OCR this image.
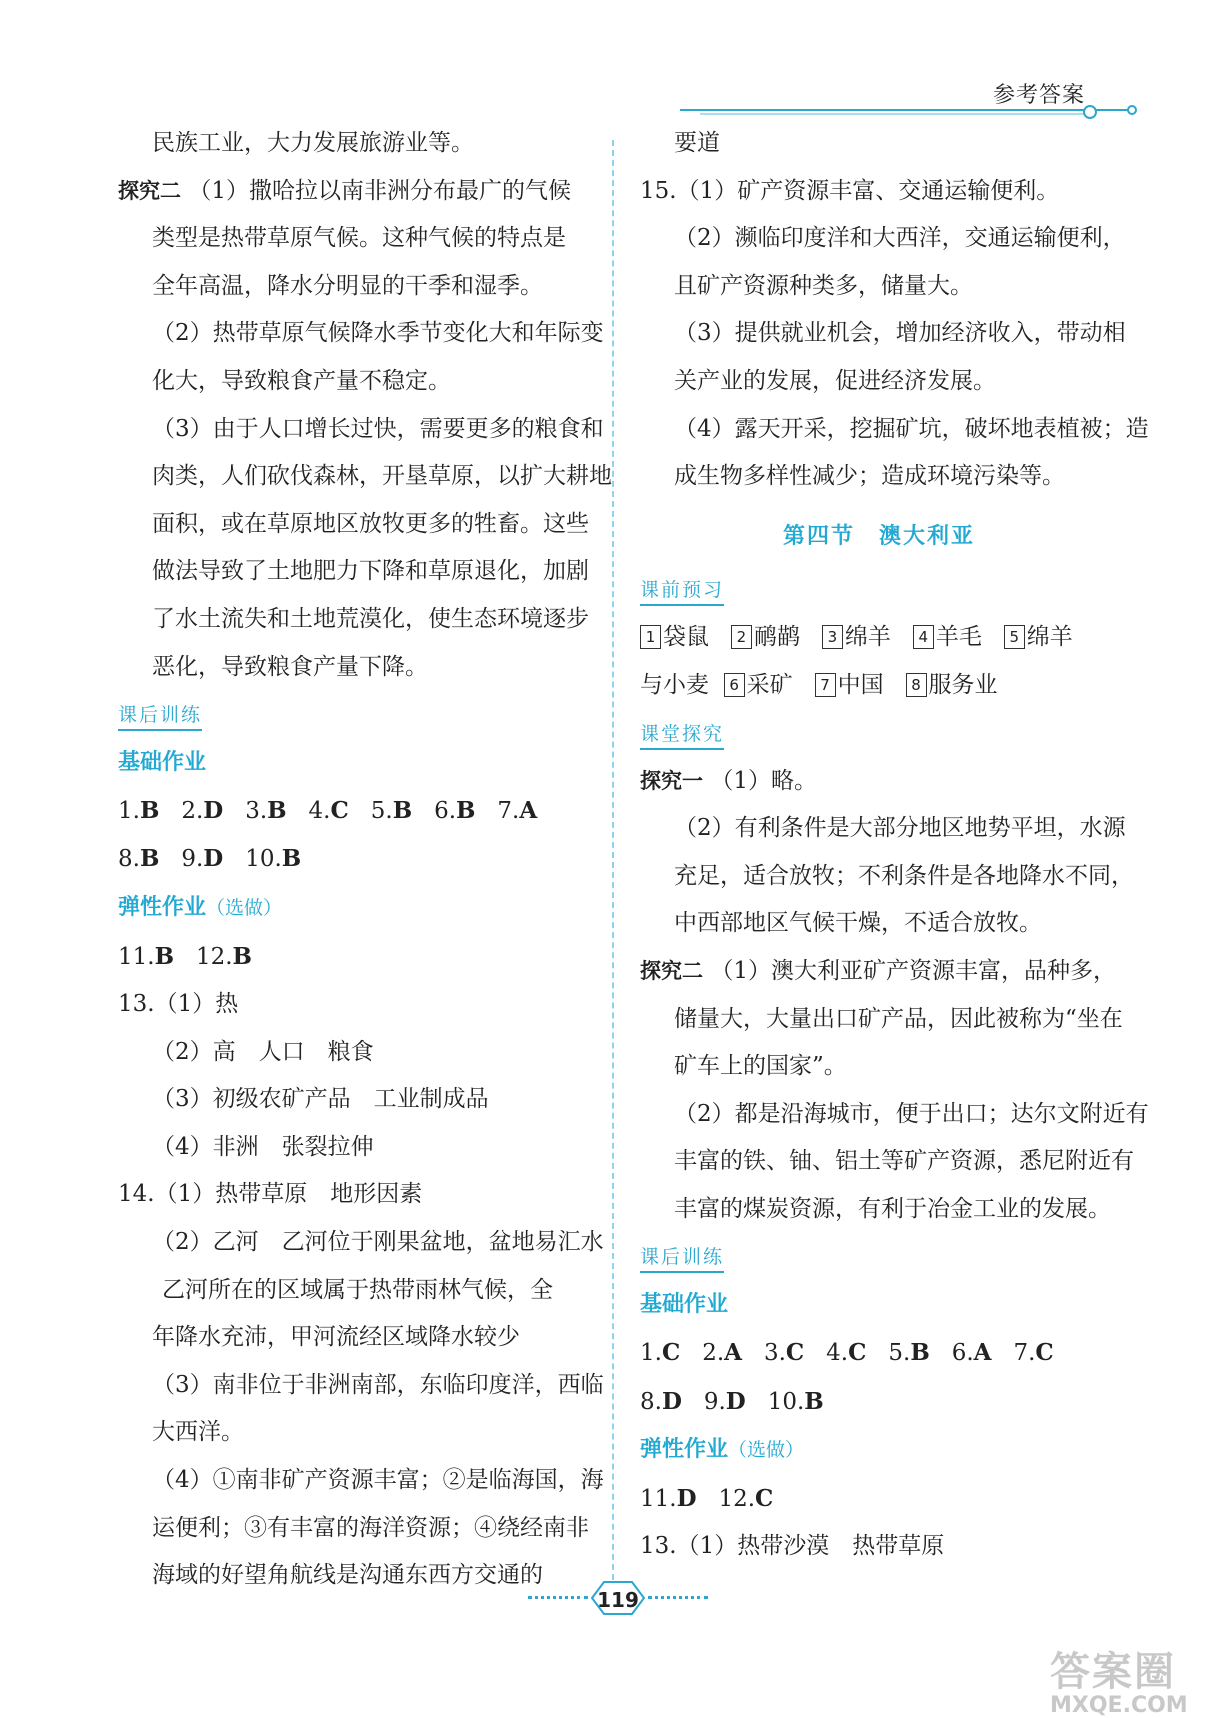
参考答案
民族工业，大力发展旅游业等。
探究二 （1）撒哈拉以南非洲分布最广的气候
类型是热带草原气候。这种气候的特点是
全年高温，降水分明显的干季和湿季。
（2）热带草原气候降水季节变化大和年际变
化大，导致粮食产量不稳定。
（3）由于人口增长过快，需要更多的粮食和
肉类，人们砍伐森林，开垦草原，以扩大耕地
面积，或在草原地区放牧更多的牲畜。这些
做法导致了土地肥力下降和草原退化，加剧
了水土流失和土地荒漠化，使生态环境逐步
恶化，导致粮食产量下降。
课后训练
基础作业
1.B 2.D 3.B 4.C 5.B 6.B 7.A
8.B 9.D 10.B
弹性作业（选做）
11.B 12.B
13.（1）热
（2）高　人口　粮食
（3）初级农矿产品　工业制成品
（4）非洲　张裂拉伸
14.（1）热带草原　地形因素
（2）乙河　乙河位于刚果盆地，盆地易汇水
乙河所在的区域属于热带雨林气候，全
年降水充沛，甲河流经区域降水较少
（3）南非位于非洲南部，东临印度洋，西临
大西洋。
（4）①南非矿产资源丰富；②是临海国，海
运便利；③有丰富的海洋资源；④绕经南非
海域的好望角航线是沟通东西方交通的
要道
15.（1）矿产资源丰富、交通运输便利。
（2）濒临印度洋和大西洋，交通运输便利，
且矿产资源种类多，储量大。
（3）提供就业机会，增加经济收入，带动相
关产业的发展，促进经济发展。
（4）露天开采，挖掘矿坑，破坏地表植被；造
成生物多样性减少；造成环境污染等。
第四节　澳大利亚
课前预习
1 袋鼠 2 鸸鹋 3 绵羊 4 羊毛 5 绵羊
与小麦 6 采矿 7 中国 8 服务业
课堂探究
探究一 （1）略。
（2）有利条件是大部分地区地势平坦，水源
充足，适合放牧；不利条件是各地降水不同，
中西部地区气候干燥，不适合放牧。
探究二 （1）澳大利亚矿产资源丰富，品种多，
储量大，大量出口矿产品，因此被称为“坐在
矿车上的国家”。
（2）都是沿海城市，便于出口；达尔文附近有
丰富的铁、铀、铝土等矿产资源，悉尼附近有
丰富的煤炭资源，有利于冶金工业的发展。
课后训练
基础作业
1.C 2.A 3.C 4.C 5.B 6.A 7.C
8.D 9.D 10.B
弹性作业（选做）
11.D 12.C
13.（1）热带沙漠　热带草原
119
答案圈
MXQE.COM
